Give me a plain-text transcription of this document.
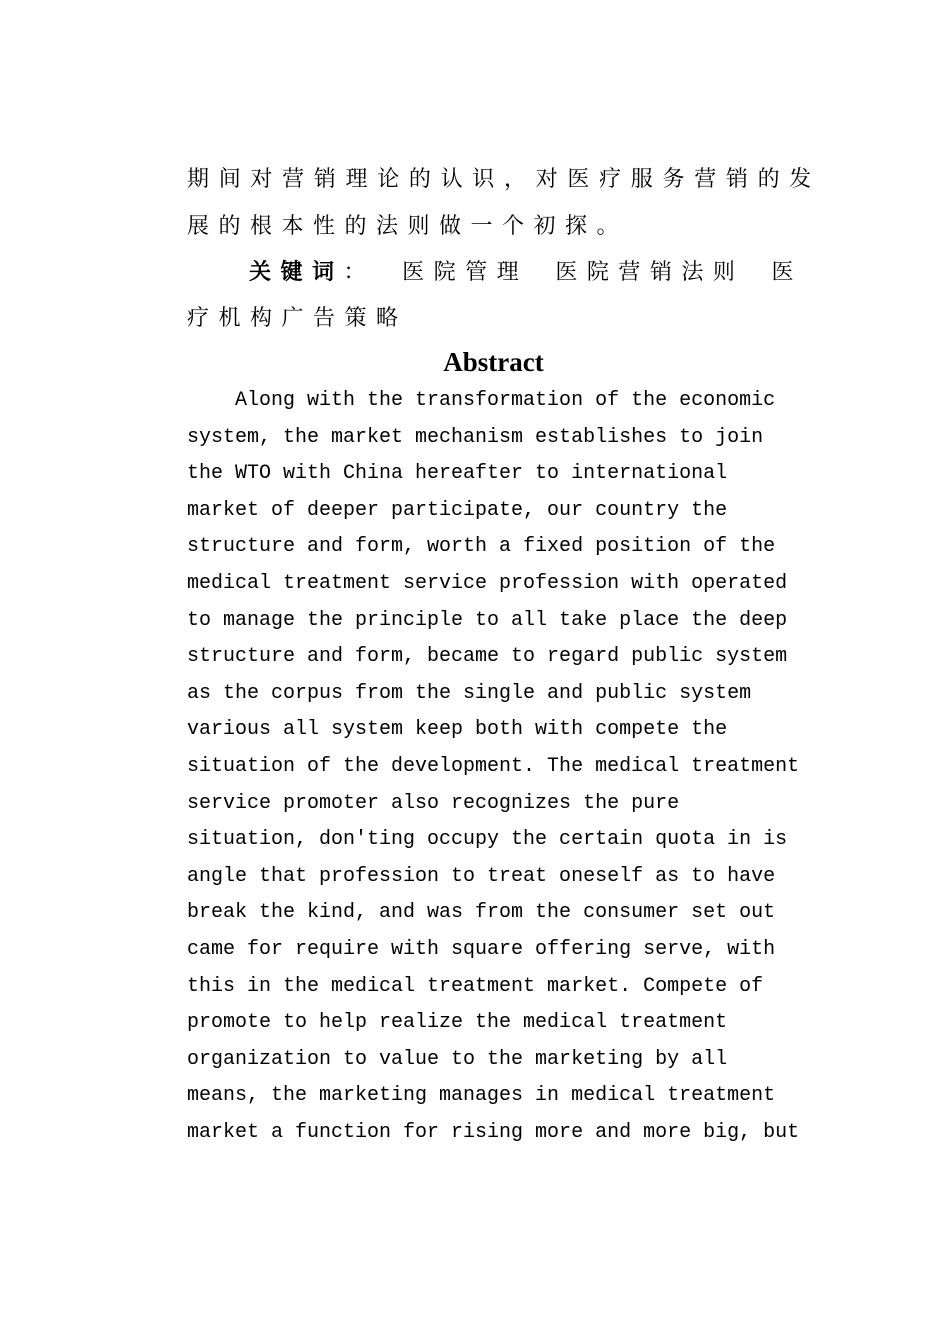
期间对营销理论的认识，对医疗服务营销的发
展的根本性的法则做一个初探。
关键词 ： 医院管理 医院营销法则 医
疗机构广告策略
Abstract
Along with the transformation of the economic
system, the market mechanism establishes to join
the WTO with China hereafter to international
market of deeper participate, our country the
structure and form, worth a fixed position of the
medical treatment service profession with operated
to manage the principle to all take place the deep
structure and form, became to regard public system
as the corpus from the single and public system
various all system keep both with compete the
situation of the development. The medical treatment
service promoter also recognizes the pure
situation, don'ting occupy the certain quota in is
angle that profession to treat oneself as to have
break the kind, and was from the consumer set out
came for require with square offering serve, with
this in the medical treatment market. Compete of
promote to help realize the medical treatment
organization to value to the marketing by all
means, the marketing manages in medical treatment
market a function for rising more and more big, but
